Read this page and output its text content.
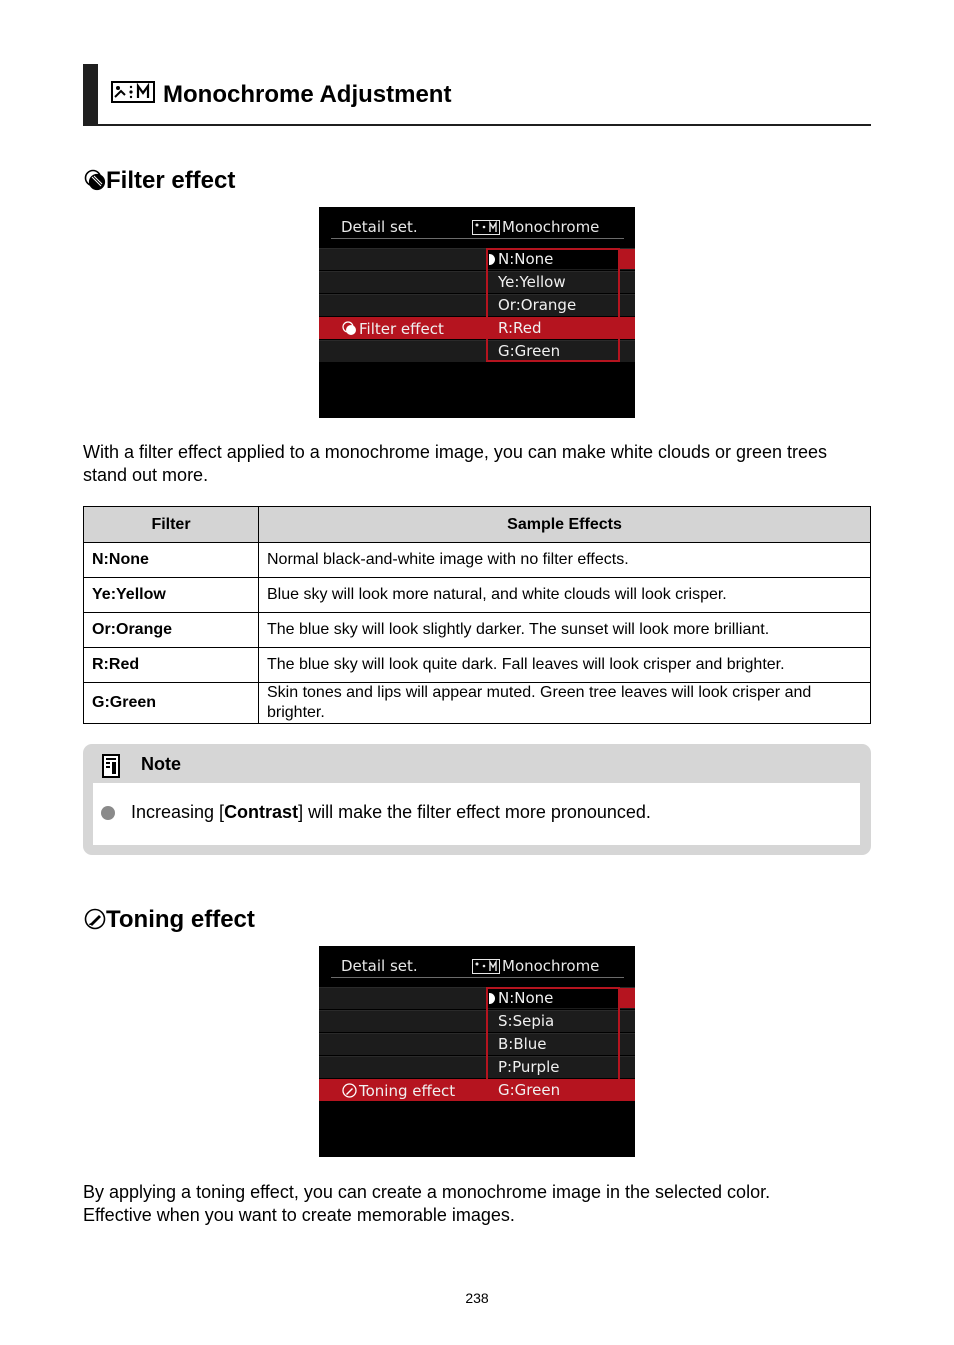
Monochrome Adjustment
Filter effect
Detail set.	Monochrome
Filter effect
N:None
Ye:Yellow
Or:Orange
R:Red
G:Green
With a filter effect applied to a monochrome image, you can make white clouds or green trees stand out more.
Filter	Sample Effects
N:None	Normal black-and-white image with no filter effects.
Ye:Yellow	Blue sky will look more natural, and white clouds will look crisper.
Or:Orange	The blue sky will look slightly darker. The sunset will look more brilliant.
R:Red	The blue sky will look quite dark. Fall leaves will look crisper and brighter.
G:Green	Skin tones and lips will appear muted. Green tree leaves will look crisper and brighter.
Note
Increasing [Contrast] will make the filter effect more pronounced.
Toning effect
Detail set.	Monochrome
Toning effect
N:None
S:Sepia
B:Blue
P:Purple
G:Green
By applying a toning effect, you can create a monochrome image in the selected color.
Effective when you want to create memorable images.
238
